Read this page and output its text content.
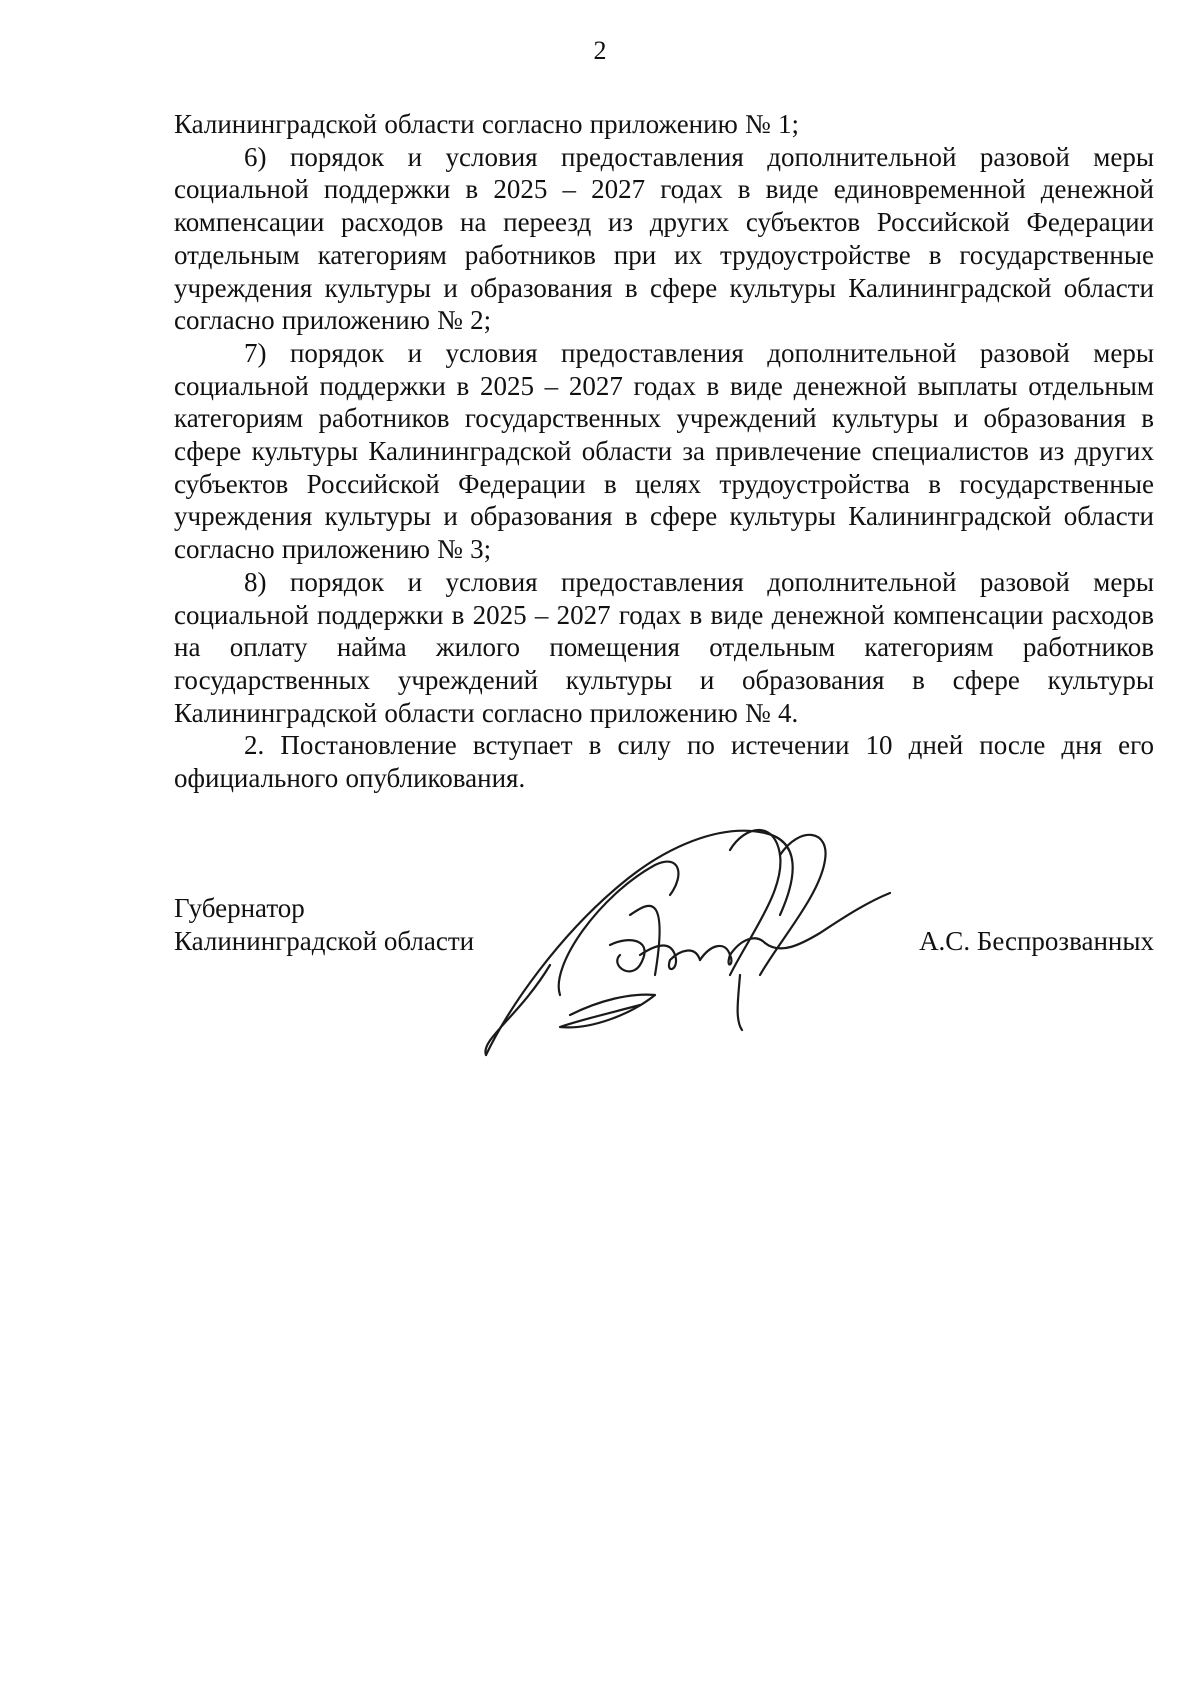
2

Калининградской области согласно приложению № 1;

6) порядок и условия предоставления дополнительной разовой меры социальной поддержки в 2025 – 2027 годах в виде единовременной денежной компенсации расходов на переезд из других субъектов Российской Федерации отдельным категориям работников при их трудоустройстве в государственные учреждения культуры и образования в сфере культуры Калининградской области согласно приложению № 2;

7) порядок и условия предоставления дополнительной разовой меры социальной поддержки в 2025 – 2027 годах в виде денежной выплаты отдельным категориям работников государственных учреждений культуры и образования в сфере культуры Калининградской области за привлечение специалистов из других субъектов Российской Федерации в целях трудоустройства в государственные учреждения культуры и образования в сфере культуры Калининградской области согласно приложению № 3;

8) порядок и условия предоставления дополнительной разовой меры социальной поддержки в 2025 – 2027 годах в виде денежной компенсации расходов на оплату найма жилого помещения отдельным категориям работников государственных учреждений культуры и образования в сфере культуры Калининградской области согласно приложению № 4.

2. Постановление вступает в силу по истечении 10 дней после дня его официального опубликования.

Губернатор
Калининградской области	А.С. Беспрозванных
